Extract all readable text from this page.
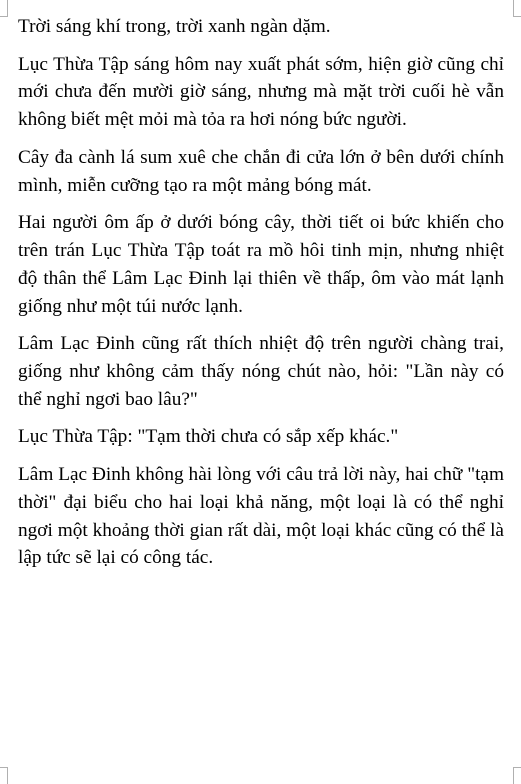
Trời sáng khí trong, trời xanh ngàn dặm.

Lục Thừa Tập sáng hôm nay xuất phát sớm, hiện giờ cũng chỉ mới chưa đến mười giờ sáng, nhưng mà mặt trời cuối hè vẫn không biết mệt mỏi mà tỏa ra hơi nóng bức người.

Cây đa cành lá sum xuê che chắn đi cửa lớn ở bên dưới chính mình, miễn cưỡng tạo ra một mảng bóng mát.

Hai người ôm ấp ở dưới bóng cây, thời tiết oi bức khiến cho trên trán Lục Thừa Tập toát ra mồ hôi tinh mịn, nhưng nhiệt độ thân thể Lâm Lạc Đinh lại thiên về thấp, ôm vào mát lạnh giống như một túi nước lạnh.

Lâm Lạc Đinh cũng rất thích nhiệt độ trên người chàng trai, giống như không cảm thấy nóng chút nào, hỏi: "Lần này có thể nghỉ ngơi bao lâu?"

Lục Thừa Tập: "Tạm thời chưa có sắp xếp khác."

Lâm Lạc Đinh không hài lòng với câu trả lời này, hai chữ "tạm thời" đại biểu cho hai loại khả năng, một loại là có thể nghỉ ngơi một khoảng thời gian rất dài, một loại khác cũng có thể là lập tức sẽ lại có công tác.
